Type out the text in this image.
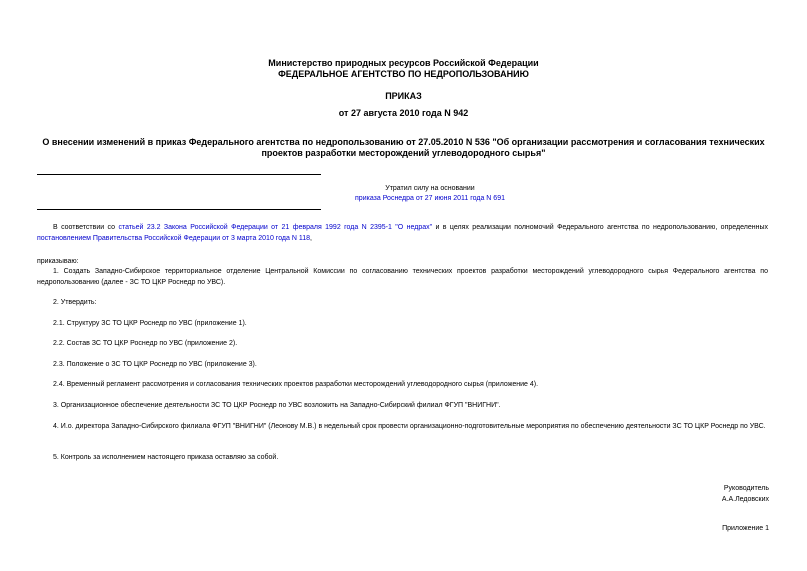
Министерство природных ресурсов Российской Федерации
ФЕДЕРАЛЬНОЕ АГЕНТСТВО ПО НЕДРОПОЛЬЗОВАНИЮ
ПРИКАЗ
от 27 августа 2010 года N 942
О внесении изменений в приказ Федерального агентства по недропользованию от 27.05.2010 N 536 "Об организации рассмотрения и согласования технических проектов разработки месторождений углеводородного сырья"
Утратил силу на основании
приказа Роснедра от 27 июня 2011 года N 691
В соответствии со статьей 23.2 Закона Российской Федерации от 21 февраля 1992 года N 2395-1 "О недрах" и в целях реализации полномочий Федерального агентства по недропользованию, определенных постановлением Правительства Российской Федерации от 3 марта 2010 года N 118,
приказываю:
1. Создать Западно-Сибирское территориальное отделение Центральной Комиссии по согласованию технических проектов разработки месторождений углеводородного сырья Федерального агентства по недропользованию (далее - ЗС ТО ЦКР Роснедр по УВС).
2. Утвердить:
2.1. Структуру ЗС ТО ЦКР Роснедр по УВС (приложение 1).
2.2. Состав ЗС ТО ЦКР Роснедр по УВС (приложение 2).
2.3. Положение о ЗС ТО ЦКР Роснедр по УВС (приложение 3).
2.4. Временный регламент рассмотрения и согласования технических проектов разработки месторождений углеводородного сырья (приложение 4).
3. Организационное обеспечение деятельности ЗС ТО ЦКР Роснедр по УВС возложить на Западно-Сибирский филиал ФГУП "ВНИГНИ".
4. И.о. директора Западно-Сибирского филиала ФГУП "ВНИГНИ" (Леонову М.В.) в недельный срок провести организационно-подготовительные мероприятия по обеспечению деятельности ЗС ТО ЦКР Роснедр по УВС.
5. Контроль за исполнением настоящего приказа оставляю за собой.
Руководитель
А.А.Ледовских
Приложение 1
